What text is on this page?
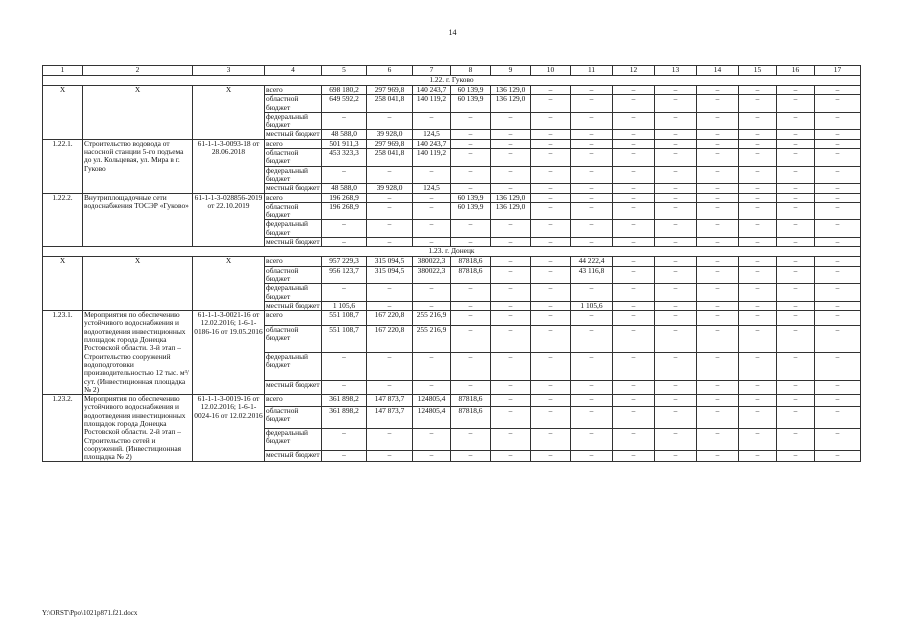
14
1	2	3	4	5	6	7	8	9	10	11	12	13	14	15	16	17
1.22. г. Гуково																
Х	Х	Х	всего	698 180,2	297 969,8	140 243,7	60 139,9	136 129,0	–	–	–	–	–	–	–	–
			областной бюджет	649 592,2	258 041,8	140 119,2	60 139,9	136 129,0	–	–	–	–	–	–	–	–
			федеральный бюджет	–	–	–	–	–	–	–	–	–	–	–	–	–
			местный бюджет	48 588,0	39 928,0	124,5	–	–	–	–	–	–	–	–	–	–
1.22.1.	Строительство водовода от насосной станции 5-го подъема до ул. Кольцевая, ул. Мира в г. Гуково	61-1-1-3-0093-18 от 28.06.2018	всего	501 911,3	297 969,8	140 243,7	–	–	–	–	–	–	–	–	–	–
			областной бюджет	453 323,3	258 041,8	140 119,2	–	–	–	–	–	–	–	–	–	–
			федеральный бюджет	–	–	–	–	–	–	–	–	–	–	–	–	–
			местный бюджет	48 588,0	39 928,0	124,5	–	–	–	–	–	–	–	–	–	–
1.22.2.	Внутриплощадочные сети водоснабжения ТОСЭР «Гуково»	61-1-1-3-028856-2019 от 22.10.2019	всего	196 268,9	–	–	60 139,9	136 129,0	–	–	–	–	–	–	–	–
			областной бюджет	196 268,9	–	–	60 139,9	136 129,0	–	–	–	–	–	–	–	–
			федеральный бюджет	–	–	–	–	–	–	–	–	–	–	–	–	–
			местный бюджет	–	–	–	–	–	–	–	–	–	–	–	–	–
1.23. г. Донецк																
Х	Х	Х	всего	957 229,3	315 094,5	380022,3	87818,6	–	–	44 222,4	–	–	–	–	–	–
			областной бюджет	956 123,7	315 094,5	380022,3	87818,6	–	–	43 116,8	–	–	–	–	–	–
			федеральный бюджет	–	–	–	–	–	–	–	–	–	–	–	–	–
			местный бюджет	1 105,6	–	–	–	–	–	1 105,6	–	–	–	–	–	–
1.23.1.	Мероприятия по обеспечению устойчивого водоснабжения и водоотведения инвестиционных площадок города Донецка Ростовской области. 3-й этап – Строительство сооружений водоподготовки производительностью 12 тыс. м³/сут. (Инвестиционная площадка № 2)	61-1-1-3-0021-16 от 12.02.2016; 1-6-1-0186-16 от 19.05.2016	всего	551 108,7	167 220,8	255 216,9	–	–	–	–	–	–	–	–	–	–
			областной бюджет	551 108,7	167 220,8	255 216,9	–	–	–	–	–	–	–	–	–	–
			федеральный бюджет	–	–	–	–	–	–	–	–	–	–	–	–	–
			местный бюджет	–	–	–	–	–	–	–	–	–	–	–	–	–
1.23.2.	Мероприятия по обеспечению устойчивого водоснабжения и водоотведения инвестиционных площадок города Донецка Ростовской области. 2-й этап – Строительство сетей и сооружений. (Инвестиционная площадка № 2)	61-1-1-3-0019-16 от 12.02.2016; 1-6-1-0024-16 от 12.02.2016	всего	361 898,2	147 873,7	124805,4	87818,6	–	–	–	–	–	–	–	–	–
			областной бюджет	361 898,2	147 873,7	124805,4	87818,6	–	–	–	–	–	–	–	–	–
			федеральный бюджет	–	–	–	–	–	–	–	–	–	–	–	–	–
			местный бюджет	–	–	–	–	–	–	–	–	–	–	–	–	–
Y:\ORST\Ppo\1021p871.f21.docx
